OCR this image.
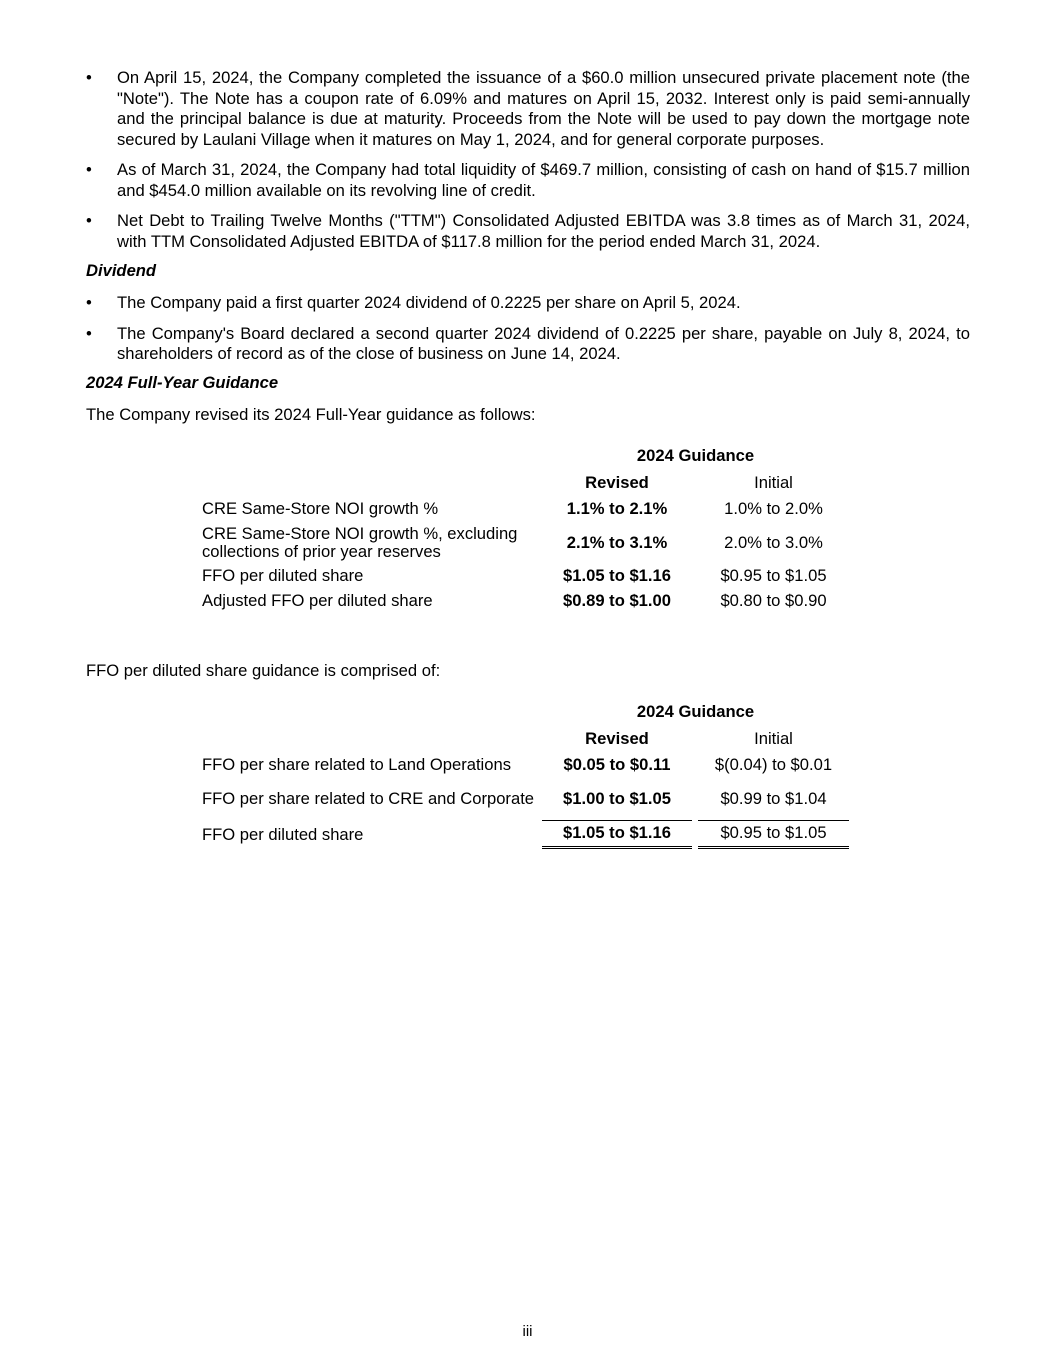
• On April 15, 2024, the Company completed the issuance of a $60.0 million unsecured private placement note (the "Note"). The Note has a coupon rate of 6.09% and matures on April 15, 2032. Interest only is paid semi-annually and the principal balance is due at maturity. Proceeds from the Note will be used to pay down the mortgage note secured by Laulani Village when it matures on May 1, 2024, and for general corporate purposes.
• As of March 31, 2024, the Company had total liquidity of $469.7 million, consisting of cash on hand of $15.7 million and $454.0 million available on its revolving line of credit.
• Net Debt to Trailing Twelve Months ("TTM") Consolidated Adjusted EBITDA was 3.8 times as of March 31, 2024, with TTM Consolidated Adjusted EBITDA of $117.8 million for the period ended March 31, 2024.
Dividend
• The Company paid a first quarter 2024 dividend of 0.2225 per share on April 5, 2024.
• The Company's Board declared a second quarter 2024 dividend of 0.2225 per share, payable on July 8, 2024, to shareholders of record as of the close of business on June 14, 2024.
2024 Full-Year Guidance

The Company revised its 2024 Full-Year guidance as follows:

	2024 Guidance		
	Revised		Initial
CRE Same-Store NOI growth %	1.1% to 2.1%		1.0% to 2.0%
CRE Same-Store NOI growth %, excluding collections of prior year reserves	2.1% to 3.1%		2.0% to 3.0%
FFO per diluted share	$1.05 to $1.16		$0.95 to $1.05
Adjusted FFO per diluted share	$0.89 to $1.00		$0.80 to $0.90

FFO per diluted share guidance is comprised of:

	2024 Guidance		
	Revised		Initial
FFO per share related to Land Operations	$0.05 to $0.11		$(0.04) to $0.01
FFO per share related to CRE and Corporate	$1.00 to $1.05		$0.99 to $1.04
FFO per diluted share	$1.05 to $1.16		$0.95 to $1.05
iii
